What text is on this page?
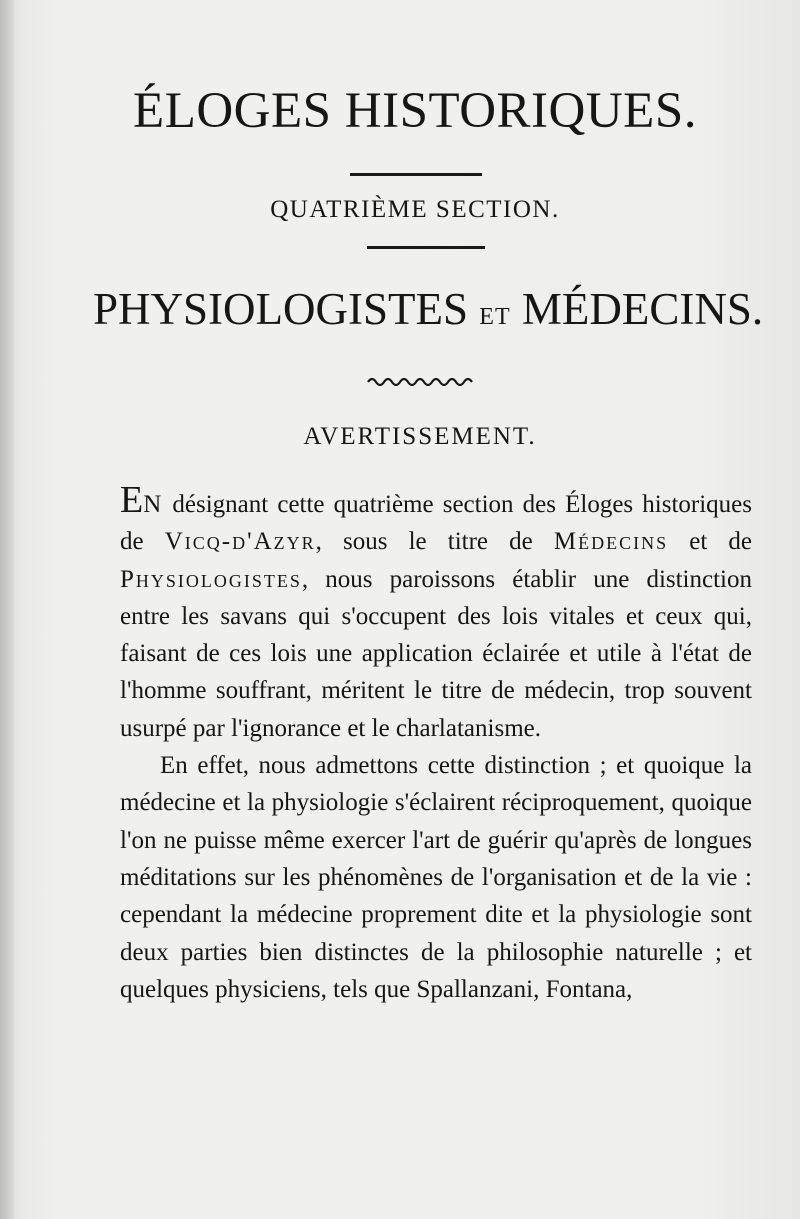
ÉLOGES HISTORIQUES.
QUATRIÈME SECTION.
PHYSIOLOGISTES ET MÉDECINS.
AVERTISSEMENT.

EN désignant cette quatrième section des Éloges historiques de Vicq-d'Azyr, sous le titre de Médecins et de Physiologistes, nous paroissons établir une distinction entre les savans qui s'occupent des lois vitales et ceux qui, faisant de ces lois une application éclairée et utile à l'état de l'homme souffrant, méritent le titre de médecin, trop souvent usurpé par l'ignorance et le charlatanisme.

En effet, nous admettons cette distinction ; et quoique la médecine et la physiologie s'éclairent réciproquement, quoique l'on ne puisse même exercer l'art de guérir qu'après de longues méditations sur les phénomènes de l'organisation et de la vie : cependant la médecine proprement dite et la physiologie sont deux parties bien distinctes de la philosophie naturelle ; et quelques physiciens, tels que Spallanzani, Fontana,
